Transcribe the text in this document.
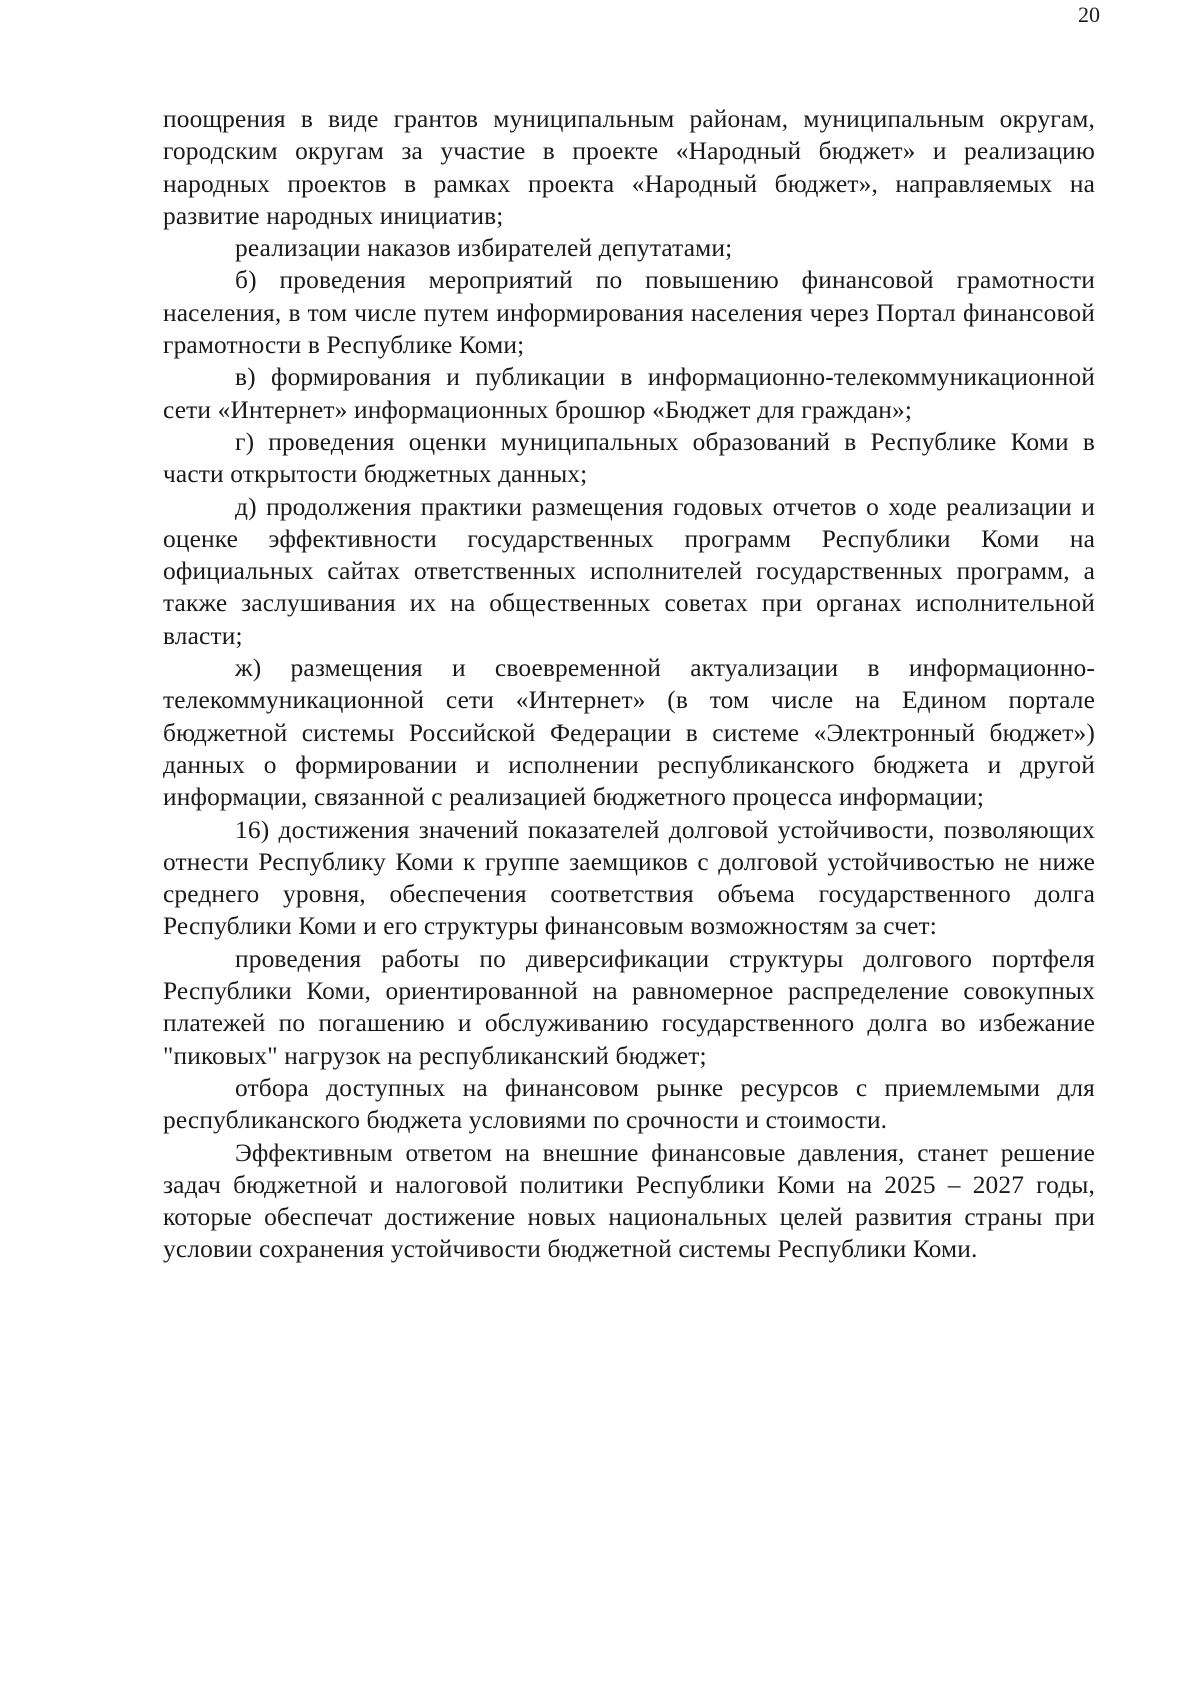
20

поощрения в виде грантов муниципальным районам, муниципальным округам, городским округам за участие в проекте «Народный бюджет» и реализацию народных проектов в рамках проекта «Народный бюджет», направляемых на развитие народных инициатив;

реализации наказов избирателей депутатами;

б) проведения мероприятий по повышению финансовой грамотности населения, в том числе путем информирования населения через Портал финансовой грамотности в Республике Коми;

в) формирования и публикации в информационно-телекоммуникационной сети «Интернет» информационных брошюр «Бюджет для граждан»;

г) проведения оценки муниципальных образований в Республике Коми в части открытости бюджетных данных;

д) продолжения практики размещения годовых отчетов о ходе реализации и оценке эффективности государственных программ Республики Коми на официальных сайтах ответственных исполнителей государственных программ, а также заслушивания их на общественных советах при органах исполнительной власти;

ж) размещения и своевременной актуализации в информационно-телекоммуникационной сети «Интернет» (в том числе на Едином портале бюджетной системы Российской Федерации в системе «Электронный бюджет») данных о формировании и исполнении республиканского бюджета и другой информации, связанной с реализацией бюджетного процесса информации;

16) достижения значений показателей долговой устойчивости, позволяющих отнести Республику Коми к группе заемщиков с долговой устойчивостью не ниже среднего уровня, обеспечения соответствия объема государственного долга Республики Коми и его структуры финансовым возможностям за счет:

проведения работы по диверсификации структуры долгового портфеля Республики Коми, ориентированной на равномерное распределение совокупных платежей по погашению и обслуживанию государственного долга во избежание "пиковых" нагрузок на республиканский бюджет;

отбора доступных на финансовом рынке ресурсов с приемлемыми для республиканского бюджета условиями по срочности и стоимости.

Эффективным ответом на внешние финансовые давления, станет решение задач бюджетной и налоговой политики Республики Коми на 2025 – 2027 годы, которые обеспечат достижение новых национальных целей развития страны при условии сохранения устойчивости бюджетной системы Республики Коми.
